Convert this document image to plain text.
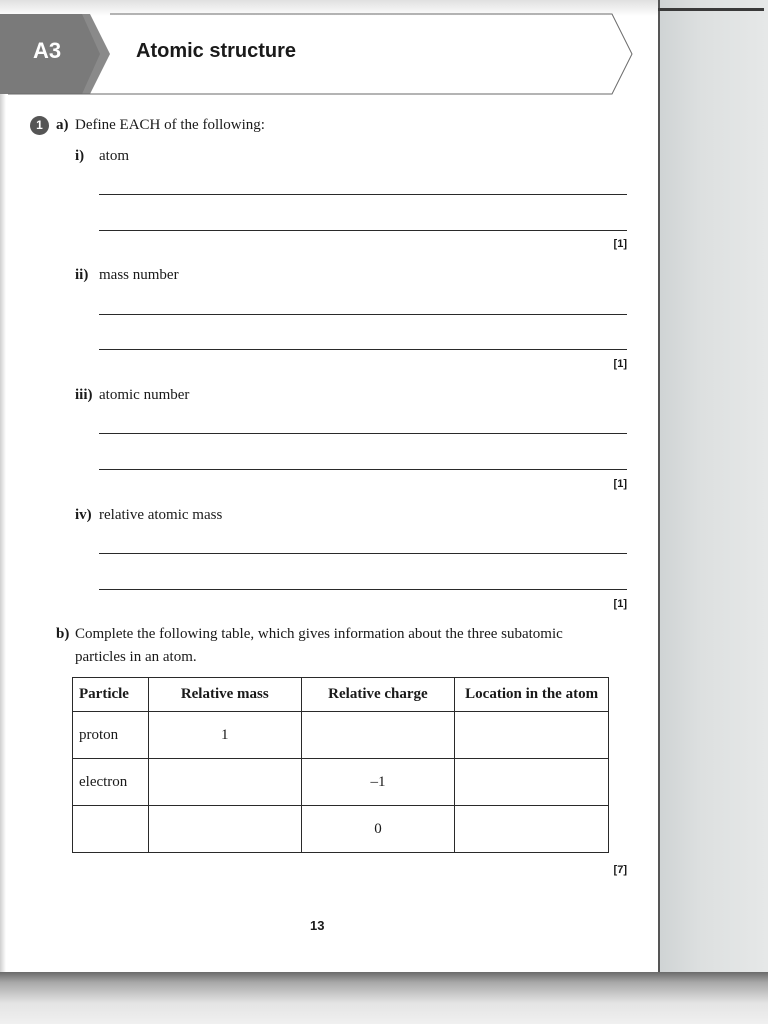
A3	Atomic structure
1 a) Define EACH of the following:
i) atom
[1]
ii) mass number
[1]
iii) atomic number
[1]
iv) relative atomic mass
[1]
b) Complete the following table, which gives information about the three subatomic
particles in an atom.
Particle	Relative mass	Relative charge	Location in the atom
proton	1		
electron		–1	
		0	
[7]
13
